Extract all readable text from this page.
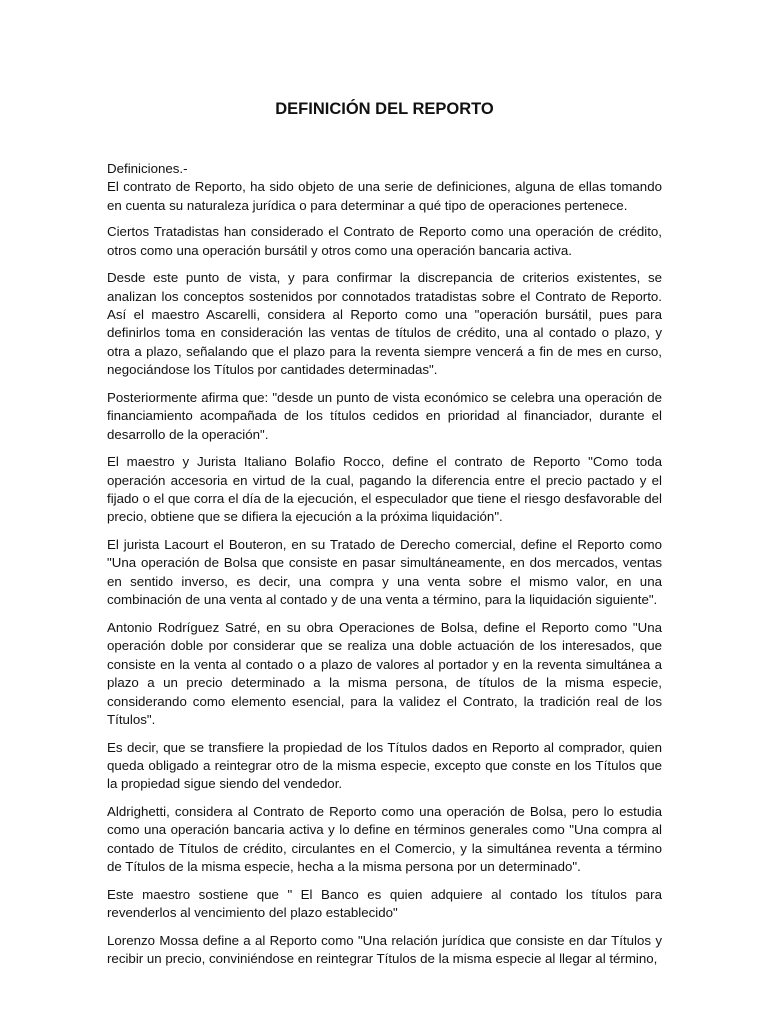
DEFINICIÓN DEL REPORTO
Definiciones.-
El contrato de Reporto, ha sido objeto de una serie de definiciones, alguna de ellas tomando en cuenta su naturaleza jurídica o para determinar a qué tipo de operaciones pertenece.

Ciertos Tratadistas han considerado el Contrato de Reporto como una operación de crédito, otros como una operación bursátil y otros como una operación bancaria activa.

Desde este punto de vista, y para confirmar la discrepancia de criterios existentes, se analizan los conceptos sostenidos por connotados tratadistas sobre el Contrato de Reporto. Así el maestro Ascarelli, considera al Reporto como una "operación bursátil, pues para definirlos toma en consideración las ventas de títulos de crédito, una al contado o plazo, y otra a plazo, señalando que el plazo para la reventa siempre vencerá a fin de mes en curso, negociándose los Títulos por cantidades determinadas".

Posteriormente afirma que: "desde un punto de vista económico se celebra una operación de financiamiento acompañada de los títulos cedidos en prioridad al financiador, durante el desarrollo de la operación".

El maestro y Jurista Italiano Bolafio Rocco, define el contrato de Reporto "Como toda operación accesoria en virtud de la cual, pagando la diferencia entre el precio pactado y el fijado o el que corra el día de la ejecución, el especulador que tiene el riesgo desfavorable del precio, obtiene que se difiera la ejecución a la próxima liquidación".

El jurista Lacourt el Bouteron, en su Tratado de Derecho comercial, define el Reporto como "Una operación de Bolsa que consiste en pasar simultáneamente, en dos mercados, ventas en sentido inverso, es decir, una compra y una venta sobre el mismo valor, en una combinación de una venta al contado y de una venta a término, para la liquidación siguiente".

Antonio Rodríguez Satré, en su obra Operaciones de Bolsa, define el Reporto como "Una operación doble por considerar que se realiza una doble actuación de los interesados, que consiste en la venta al contado o a plazo de valores al portador y en la reventa simultánea a plazo a un precio determinado a la misma persona, de títulos de la misma especie, considerando como elemento esencial, para la validez el Contrato, la tradición real de los Títulos".

Es decir, que se transfiere la propiedad de los Títulos dados en Reporto al comprador, quien queda obligado a reintegrar otro de la misma especie, excepto que conste en los Títulos que la propiedad sigue siendo del vendedor.

Aldrighetti, considera al Contrato de Reporto como una operación de Bolsa, pero lo estudia como una operación bancaria activa y lo define en términos generales como "Una compra al contado de Títulos de crédito, circulantes en el Comercio, y la simultánea reventa a término de Títulos de la misma especie, hecha a la misma persona por un determinado".

Este maestro sostiene que " El Banco es quien adquiere al contado los títulos para revenderlos al vencimiento del plazo establecido"

Lorenzo Mossa define a al Reporto como "Una relación jurídica que consiste en dar Títulos y recibir un precio, conviniéndose en reintegrar Títulos de la misma especie al llegar al término,
